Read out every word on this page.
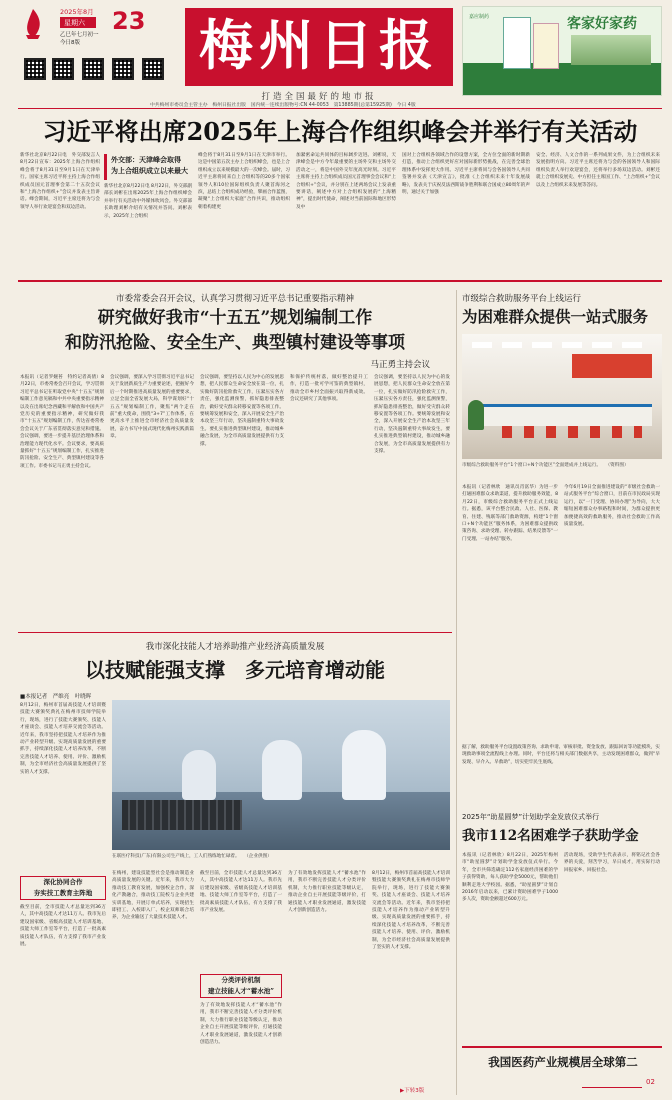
2025年8月
星期六 23
乙巳年七月初一
今日8版 梅州日报
打造全国最好的地市报
客家好家药
嘉应制药
中共梅州市委员会主管主办　梅州日报社出版　国内统一连续出版物号:CN 44-0053　第13885期(总第15925期)　今日 4版
习近平将出席2025年上海合作组织峰会并举行有关活动
新华社北京8月22日电　外交部发言人8月22日宣布：2025年上海合作组织峰会将于8月31日至9月1日在天津举行。国家主席习近平将主持上海合作组织成员国元首理事会第二十五次会议和“上海合作组织+”会议并发表主旨讲话。峰会期间，习近平主席还将为与会领导人举行欢迎宴会和双边活动。
外交部：天津峰会取得
为上合组织成立以来最大
新华社北京8月22日电 8月22日，外交部副部长刘彬在出席2025年上海合作组织峰会并举行有关活动中外媒体吹风会。外交部部长助理刘彬介绍有关情况并答问。刘彬表示，2025年上合组织
峰会将于8月31日至9月1日在天津市举行。这是中国第五次主办上合组织峰会，也是上合组织成立以来规模最大的一次峰会。届时，习近平主席将同来自上合组织等的20多个国家领导人和10位国际组织负责人聚首海河之滨，总结上合组织成功经验，擘画合作蓝图，凝聚“上合组织大家庭”合作共识，推动组织朝着构建更
加紧密命运共同体的目标阔步迈进。刘彬说，天津峰会是中方今年最重要的主场外交和主场外交活动之一，将是中国外交年度高光时刻。习近平主席将主持上合组织成员国元首理事会会议和“上合组织+”会议，并分别在上述两场会议上发表重要讲话，阐述中方对上合组织发展的“上海精神”，提出时代使命，阐述对当前国际和地区形势及中
国对上合组织各领域合作的设想方案，全方位全面的新时期新打造，推动上合组织更好应对国际新形势挑战，在完善全球治理体系中发挥更大作用。习近平主席将同与会各国领导人共同签署并发表《天津宣言》，批准《上合组织未来十年发展战略》，发表关于庆祝反法西斯战争胜利和联合国成立80周年的声明，通过关于加强
安全、经济、人文合作的一系列成果文件，为上合组织未来发展指明方向。习近平主席还将为与会的各国领导人和国际组织负责人举行欢迎宴会，还将举行多场双边活动。刘彬还就上合组织发展史、中方担任主席国工作、“上合组织+”会议以及上合组织未来发展等答问。
市委常委会召开会议，认真学习贯彻习近平总书记重要指示精神
研究做好我市“十五五”规划编制工作
和防汛抢险、安全生产、典型镇村建设等事项
马正勇主持会议
本报讯（记者罗婉苔　特约记者高倩）8月22日，市委常委会召开会议，学习贯彻习近平总书记在听取党中央“十五五”规划编制工作意见稿和中共中央重要指示精神以及在出席纪念西藏和平解放和中国共产党历史的重要指示精神，研究做好我市“十五五”规划编制工作，传达省委常委会会议关于广东省贯彻落实意见和措施。会议强调，要进一步提升基层治理体系和治理能力现代化水平。会议要求，要高质量抓好“十五五”规划编制工作，扎实推进防汛抢险、安全生产、典型镇村建设等各项工作。市委书记马正勇主持会议。
会议强调，要深入学习贯彻习近平总书记关于发展新质生产力重要论述，把握好今后一个时期推进高质量发展的重要要求，立足全面全省发展大局，科学谋划好“十五五”规划编制工作，聚焦“两个走在前”重大使命，围绕“3+7”工作体系，在更高水平上推进全市经济社会高质量发展，奋力书写中国式现代化梅州实践新篇章。
会议强调，要坚持以人民为中心的发展思想，把人民群众生命安全放在第一位，扎实做好防汛抢险救灾工作，压紧压实各方责任，强化监测预警，抓好隐患排查整治，做好受灾群众转移安置等各项工作。要统筹发展和安全，深入开展安全生产治本攻坚三年行动，坚决遏制重特大事故发生。要扎实推进典型镇村建设，推动城乡融合发展，为全市高质量发展提供有力支撑。
和保护传统村落，做好整治提升工作，打造一批可学可鉴的典型镇村，推动全市乡村全面振兴取得新成效。会议还研究了其他事项。
会议强调，要坚持以人民为中心的发展思想，把人民群众生命安全放在第一位，扎实做好防汛抢险救灾工作，压紧压实各方责任，强化监测预警，抓好隐患排查整治，做好受灾群众转移安置等各项工作。要统筹发展和安全，深入开展安全生产治本攻坚三年行动，坚决遏制重特大事故发生。要扎实推进典型镇村建设，推动城乡融合发展，为全市高质量发展提供有力支撑。
市级综合救助服务平台上线运行
为困难群众提供一站式服务
市级综合救助服务平台“1个窗口+N个功能区”全面建成并上线运行。　　（资料图）
本报讯（记者林欣　通讯员肖富华）为进一步打通困难群众求助渠道，提升救助服务效能，8月22日，市级综合救助服务平台正式上线运行。据悉，该平台整合民政、人社、医保、教育、住建、残联等部门救助资源，构建“1个窗口+N个功能区”服务体系，为困难群众提供政策咨询、求助受理、转办跟踪、结果反馈等“一门受理、一站办结”服务。
今年6月19日全面推进建设的“市级社会救助一站式服务平台”综合窗口，目前在市民政局实现运行，以“一门受理、协同办理”为导向，大大缩短困难群众办事路程和时间，为群众提供更加便捷高效的救助服务，推动社会救助工作高质量发展。
我市深化技能人才培养助推产业经济高质量发展
以技赋能强支撑　多元培育增动能
■本报记者　严维亮　叶晓晖
8月12日，梅州市首届高技能人才培训暨技能大赛颁奖典礼在梅州市技师学院举行，现场，进行了技能大赛颁奖、技能人才座谈会、技能人才培养交流会等活动。近年来，我市坚持把技能人才培养作为推动产业转型升级、实现高质量发展的重要抓手，持续深化技能人才培养改革，不断完善技能人才培养、使用、评价、激励机制，为全市经济社会高质量发展提供了坚实的人才支撑。
在联医疗科技(广东)有限公司生产线上，工人们熟练地忙碌着。　　（企业供图）
深化协同合作
夯实技工教育主阵地
截至目前，全市技能人才总量达到36万人，其中高技能人才达11万人。我市先后建设国家级、省级高技能人才培训基地、技能大师工作室等平台，打造了一批高素质技能人才队伍，有力支撑了我市产业发展。
在梅州，建设技能型社会是推动制造业高质量发展的关键。近年来，我市大力推动技工教育发展，加强校企合作，深化产教融合，推动技工院校与企业共建实训基地，开展订单式培养，实现招生即招工、入校即入厂、校企双师联合培养，为企业输送了大量技术技能人才。
截至目前，全市技能人才总量达到36万人，其中高技能人才达11万人。我市先后建设国家级、省级高技能人才培训基地、技能大师工作室等平台，打造了一批高素质技能人才队伍，有力支撑了我市产业发展。
分类评价机制
建立技能人才“蓄水池”
为了有效地发挥技能人才“蓄水池”作用，我市不断完善技能人才分类评价机制，大力推行职业技能等级认定，推动企业自主开展技能等级评价，打通技能人才职业发展通道，激发技能人才创新创造活力。
为了有效地发挥技能人才“蓄水池”作用，我市不断完善技能人才分类评价机制，大力推行职业技能等级认定，推动企业自主开展技能等级评价，打通技能人才职业发展通道，激发技能人才创新创造活力。
8月12日，梅州市首届高技能人才培训暨技能大赛颁奖典礼在梅州市技师学院举行，现场，进行了技能大赛颁奖、技能人才座谈会、技能人才培养交流会等活动。近年来，我市坚持把技能人才培养作为推动产业转型升级、实现高质量发展的重要抓手，持续深化技能人才培养改革，不断完善技能人才培养、使用、评价、激励机制，为全市经济社会高质量发展提供了坚实的人才支撑。
▶下转3版
据了解，救助服务平台设置政策咨询、求助申请、审核审批、资金发放、跟踪回访等功能模块，实现救助事项全流程线上办理。同时，平台还将与相关部门数据共享，主动发现困难群众，做到“早发现、早介入、早救助”，切实兜牢民生底线。
2025年“助星圆梦”计划助学金发放仪式举行
我市112名困难学子获助学金
本报讯（记者林欣）8月22日，2025年梅州市“助星圆梦”计划助学金发放仪式举行。今年，全市共筛选确定112名家庭经济困难的学子获得资助，每人获助学金5000元，帮助他们顺利走进大学校园。据悉，“助星圆梦”计划自2016年启动以来，已累计资助困难学子1000多人次，资助金额超过600万元。
活动现场，受助学生代表表示，将铭记社会各界的关爱，刻苦学习，早日成才，用实际行动回报家乡、回报社会。
我国医药产业规模居全球第二
02
